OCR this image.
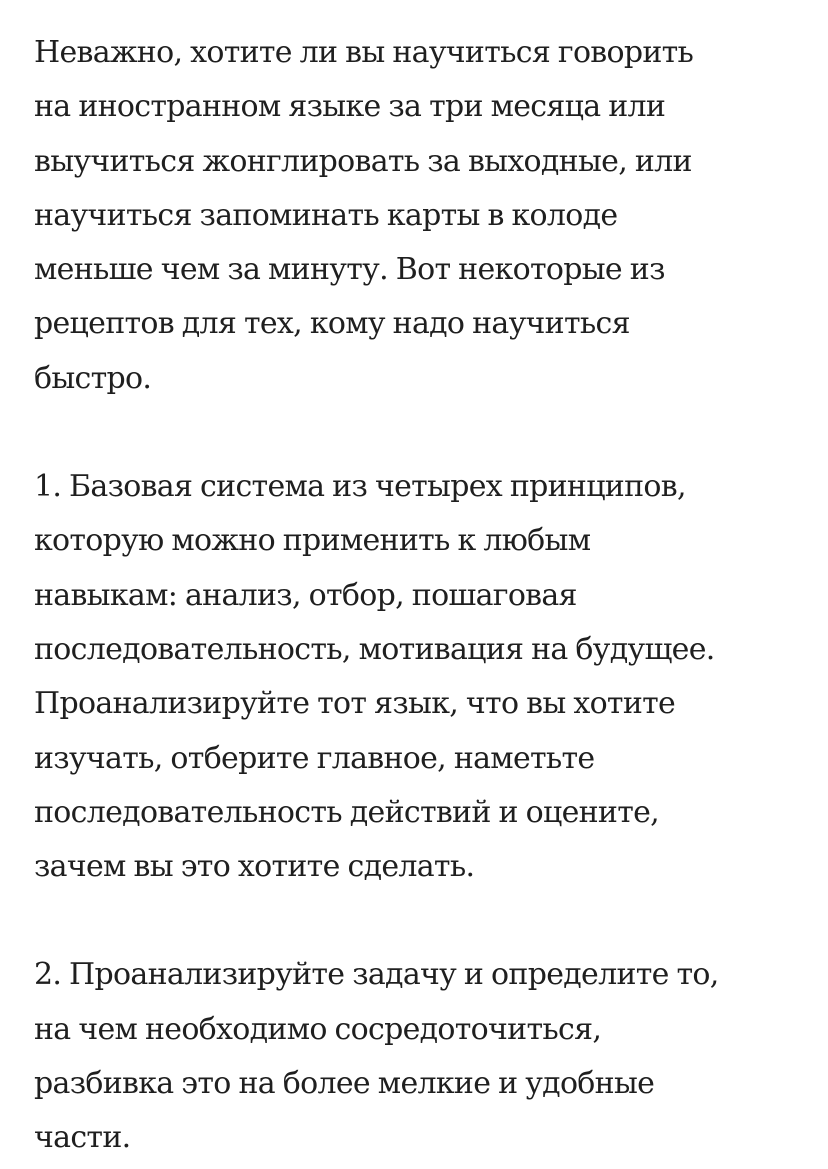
Неважно, хотите ли вы научиться говорить
на иностранном языке за три месяца или
выучиться жонглировать за выходные, или
научиться запоминать карты в колоде
меньше чем за минуту. Вот некоторые из
рецептов для тех, кому надо научиться
быстро.

1. Базовая система из четырех принципов,
которую можно применить к любым
навыкам: анализ, отбор, пошаговая
последовательность, мотивация на будущее.
Проанализируйте тот язык, что вы хотите
изучать, отберите главное, наметьте
последовательность действий и оцените,
зачем вы это хотите сделать.

2. Проанализируйте задачу и определите то,
на чем необходимо сосредоточиться,
разбивка это на более мелкие и удобные
части.
